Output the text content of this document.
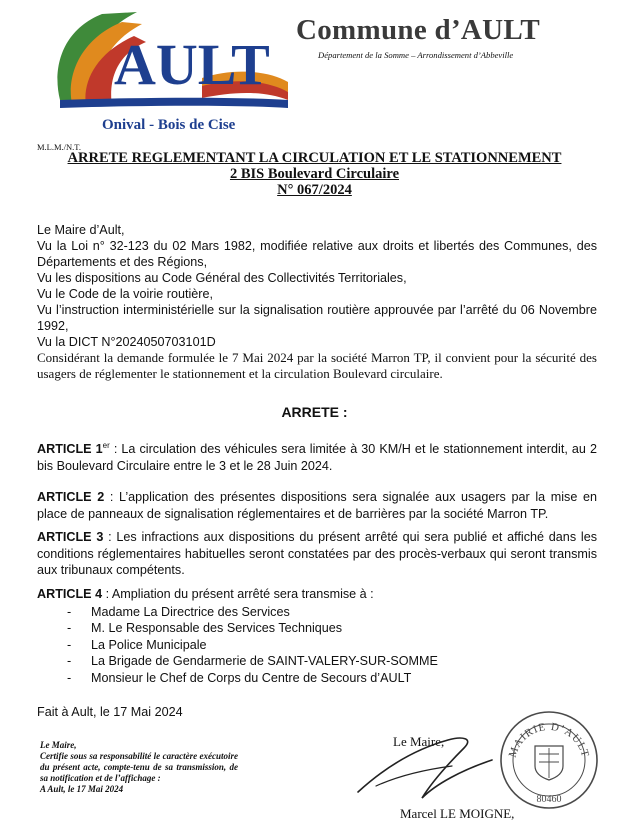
AULT
Onival - Bois de Cise
Commune d’AULT
Département de la Somme – Arrondissement d’Abbeville
M.L.M./N.T.
ARRETE REGLEMENTANT LA CIRCULATION ET LE STATIONNEMENT
2 BIS Boulevard Circulaire
N° 067/2024

Le Maire d’Ault,

Vu la Loi n° 32-123 du 02 Mars 1982, modifiée relative aux droits et libertés des Communes, des Départements et des Régions,

Vu les dispositions au Code Général des Collectivités Territoriales,

Vu le Code de la voirie routière,

Vu l’instruction interministérielle sur la signalisation routière approuvée par l’arrêté du 06 Novembre 1992,

Vu la DICT N°2024050703101D

Considérant la demande formulée le 7 Mai 2024 par la société Marron TP, il convient pour la sécurité des usagers de réglementer le stationnement et la circulation Boulevard circulaire.

ARRETE :

ARTICLE 1er : La circulation des véhicules sera limitée à 30 KM/H et le stationnement interdit, au 2 bis Boulevard Circulaire entre le 3 et le 28 Juin 2024.

ARTICLE 2 : L’application des présentes dispositions sera signalée aux usagers par la mise en place de panneaux de signalisation réglementaires et de barrières par la société Marron TP.

ARTICLE 3 : Les infractions aux dispositions du présent arrêté qui sera publié et affiché dans les conditions réglementaires habituelles seront constatées par des procès-verbaux qui seront transmis aux tribunaux compétents.

ARTICLE 4 : Ampliation du présent arrêté sera transmise à :

- Madame La Directrice des Services
- M. Le Responsable des Services Techniques
- La Police Municipale
- La Brigade de Gendarmerie de SAINT-VALERY-SUR-SOMME
- Monsieur le Chef de Corps du Centre de Secours d’AULT
Fait à Ault, le 17 Mai 2024

Le Maire,

Certifie sous sa responsabilité le caractère exécutoire du présent acte, compte-tenu de sa transmission, de sa notification et de l’affichage :

A Ault, le 17 Mai 2024

Le Maire,
MAIRIE D’AULT
80460
Marcel LE MOIGNE,
